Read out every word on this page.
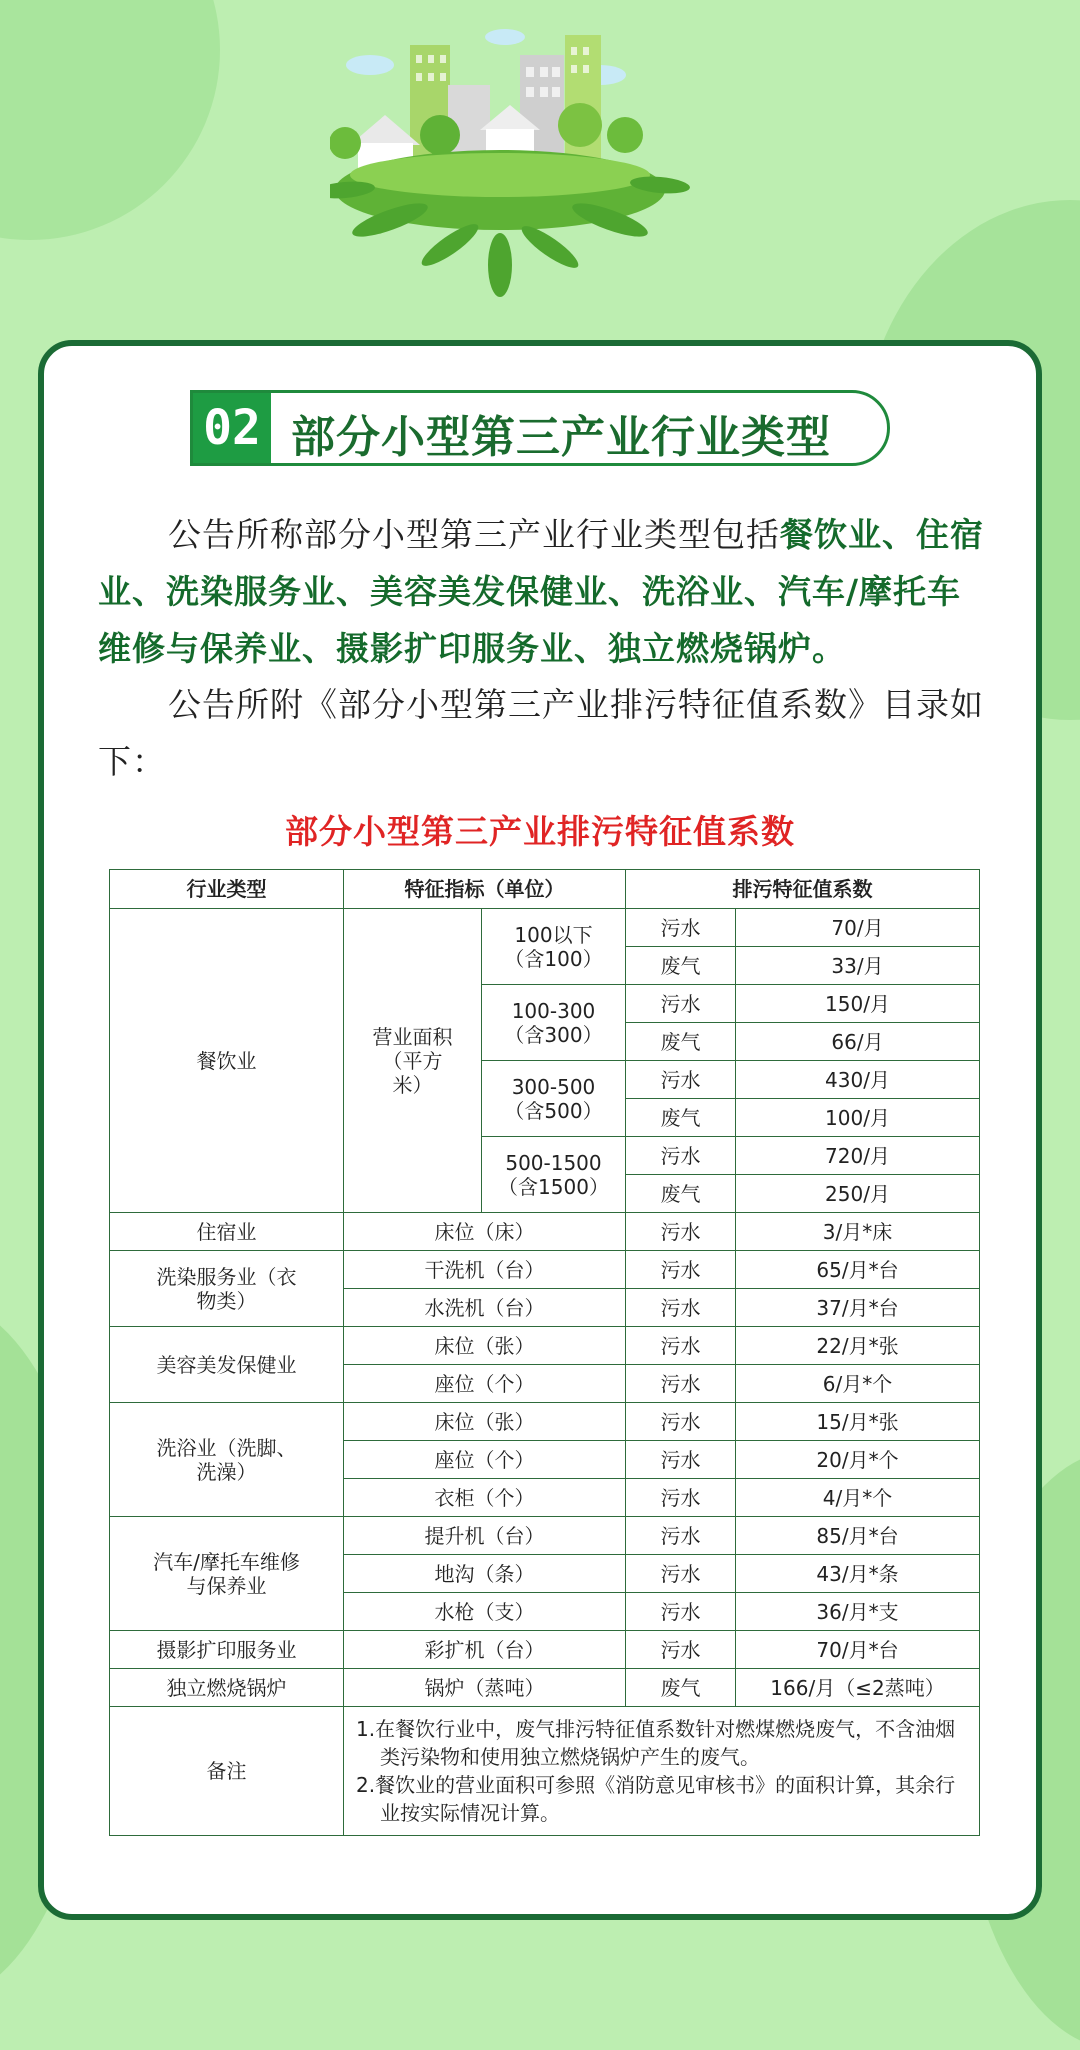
02 部分小型第三产业行业类型
公告所称部分小型第三产业行业类型包括餐饮业、住宿业、洗染服务业、美容美发保健业、洗浴业、汽车/摩托车维修与保养业、摄影扩印服务业、独立燃烧锅炉。
公告所附《部分小型第三产业排污特征值系数》目录如下：
部分小型第三产业排污特征值系数
行业类型	特征指标（单位）		排污特征值系数	
餐饮业	营业面积（平方米）	100以下（含100）	污水	70/月
			废气	33/月
		100-300（含300）	污水	150/月
			废气	66/月
		300-500（含500）	污水	430/月
			废气	100/月
		500-1500（含1500）	污水	720/月
			废气	250/月
住宿业	床位（床）		污水	3/月*床
洗染服务业（衣物类）	干洗机（台）		污水	65/月*台
	水洗机（台）		污水	37/月*台
美容美发保健业	床位（张）		污水	22/月*张
	座位（个）		污水	6/月*个
洗浴业（洗脚、洗澡）	床位（张）		污水	15/月*张
	座位（个）		污水	20/月*个
	衣柜（个）		污水	4/月*个
汽车/摩托车维修与保养业	提升机（台）		污水	85/月*台
	地沟（条）		污水	43/月*条
	水枪（支）		污水	36/月*支
摄影扩印服务业	彩扩机（台）		污水	70/月*台
独立燃烧锅炉	锅炉（蒸吨）		废气	166/月（≤2蒸吨）
备注	1.在餐饮行业中，废气排污特征值系数针对燃煤燃烧废气，不含油烟类污染物和使用独立燃烧锅炉产生的废气。
2.餐饮业的营业面积可参照《消防意见审核书》的面积计算，其余行业按实际情况计算。			
